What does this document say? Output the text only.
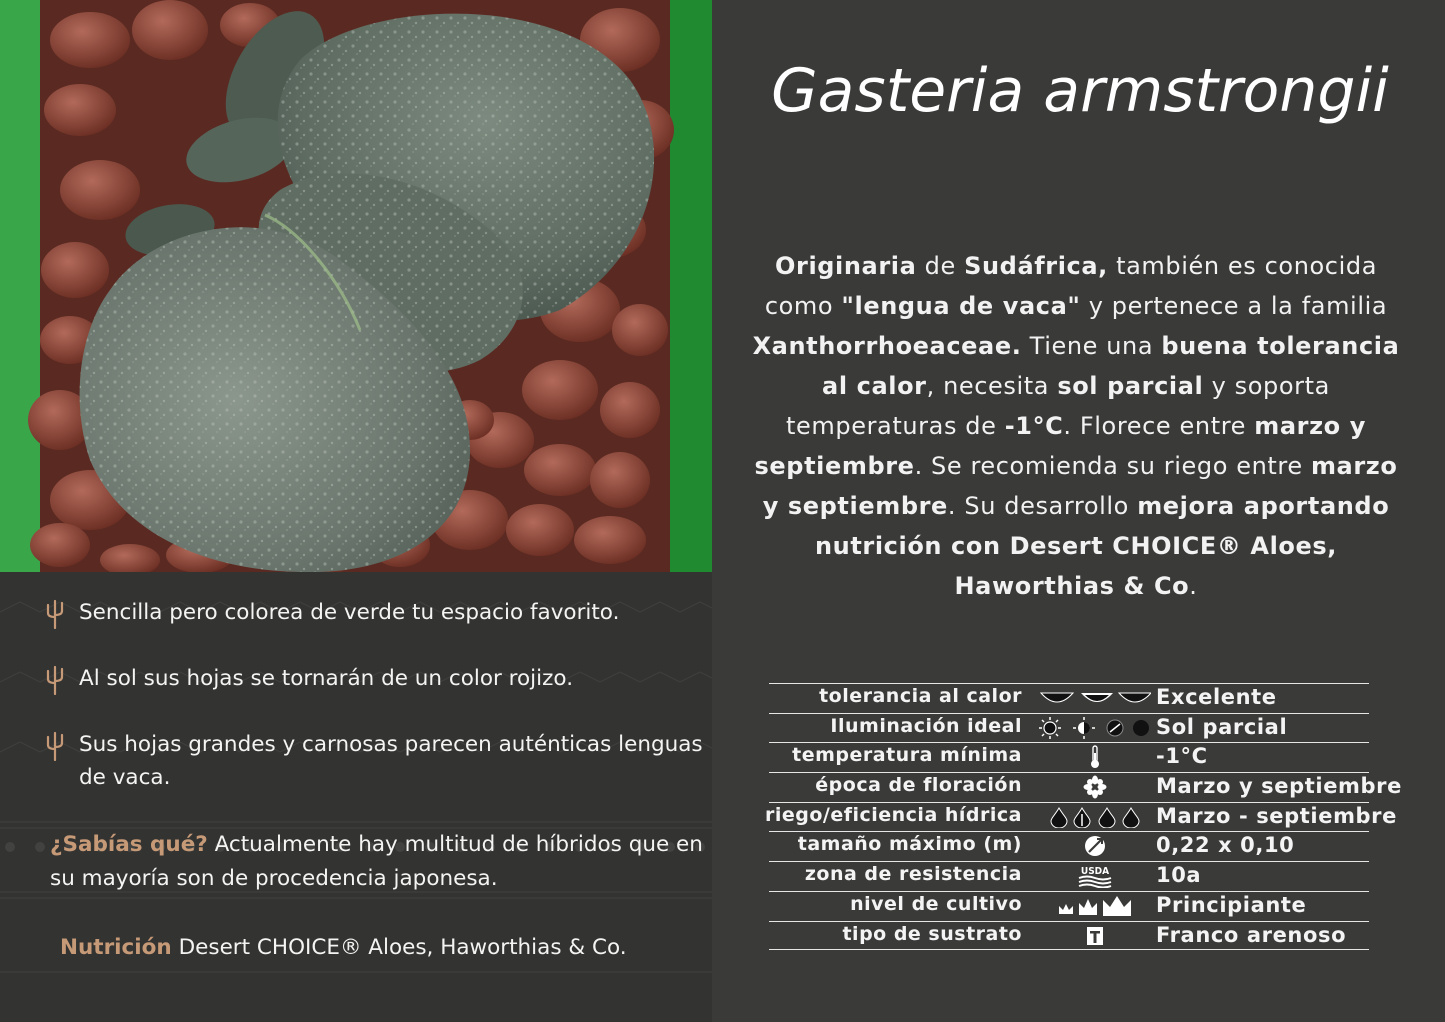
Sencilla pero colorea de verde tu espacio favorito.
Al sol sus hojas se tornarán de un color rojizo.
Sus hojas grandes y carnosas parecen auténticas lenguas de vaca.
¿Sabías qué? Actualmente hay multitud de híbridos que en su mayoría son de procedencia japonesa.
Nutrición Desert CHOICE® Aloes, Haworthias & Co.
Gasteria armstrongii
Originaria de Sudáfrica, también es conocida como "lengua de vaca" y pertenece a la familia Xanthorrhoeaceae. Tiene una buena tolerancia al calor, necesita sol parcial y soporta temperaturas de -1°C. Florece entre marzo y septiembre. Se recomienda su riego entre marzo y septiembre. Su desarrollo mejora aportando nutrición con Desert CHOICE® Aloes, Haworthias & Co.
tolerancia al calor	Excelente
Iluminación ideal	Sol parcial
temperatura mínima	-1°C
época de floración	Marzo y septiembre
riego/eficiencia hídrica	Marzo - septiembre
tamaño máximo (m)	0,22 x 0,10
zona de resistencia	USDA 10a
nivel de cultivo	Principiante
tipo de sustrato	Franco arenoso
